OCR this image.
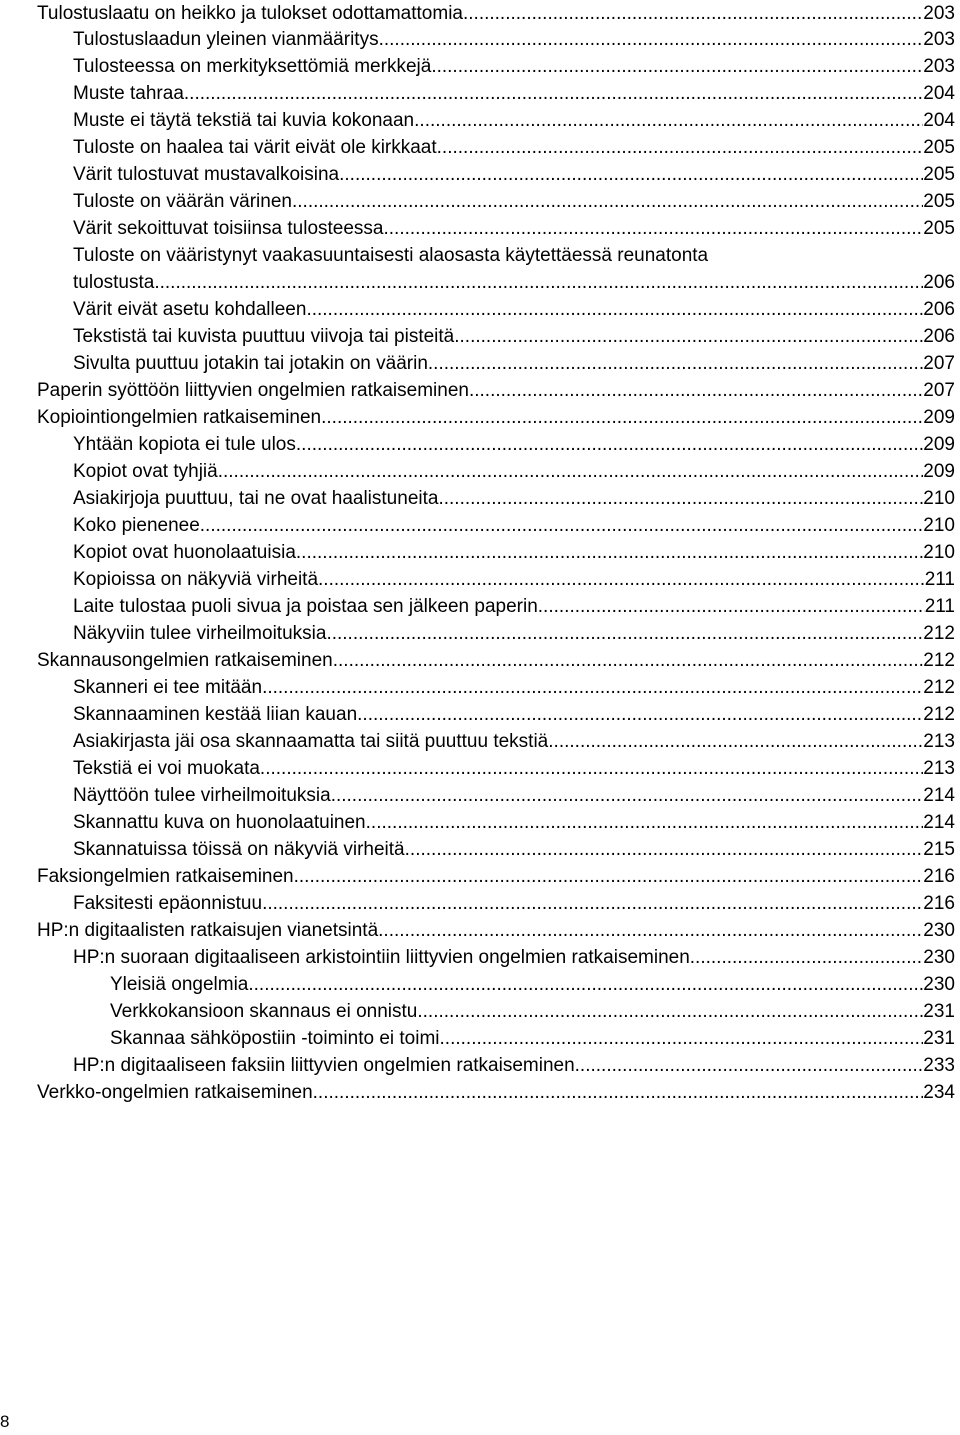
Tulostuslaatu on heikko ja tulokset odottamattomia .....	203
Tulostuslaadun yleinen vianmääritys .....	203
Tulosteessa on merkityksettömiä merkkejä .....	203
Muste tahraa .....	204
Muste ei täytä tekstiä tai kuvia kokonaan .....	204
Tuloste on haalea tai värit eivät ole kirkkaat .....	205
Värit tulostuvat mustavalkoisina .....	205
Tuloste on väärän värinen .....	205
Värit sekoittuvat toisiinsa tulosteessa .....	205
Tuloste on vääristynyt vaakasuuntaisesti alaosasta käytettäessä reunatonta
tulostusta .....	206
Värit eivät asetu kohdalleen .....	206
Tekstistä tai kuvista puuttuu viivoja tai pisteitä .....	206
Sivulta puuttuu jotakin tai jotakin on väärin .....	207
Paperin syöttöön liittyvien ongelmien ratkaiseminen .....	207
Kopiointiongelmien ratkaiseminen .....	209
Yhtään kopiota ei tule ulos .....	209
Kopiot ovat tyhjiä .....	209
Asiakirjoja puuttuu, tai ne ovat haalistuneita .....	210
Koko pienenee .....	210
Kopiot ovat huonolaatuisia .....	210
Kopioissa on näkyviä virheitä .....	211
Laite tulostaa puoli sivua ja poistaa sen jälkeen paperin .....	211
Näkyviin tulee virheilmoituksia .....	212
Skannausongelmien ratkaiseminen .....	212
Skanneri ei tee mitään .....	212
Skannaaminen kestää liian kauan .....	212
Asiakirjasta jäi osa skannaamatta tai siitä puuttuu tekstiä .....	213
Tekstiä ei voi muokata .....	213
Näyttöön tulee virheilmoituksia .....	214
Skannattu kuva on huonolaatuinen .....	214
Skannatuissa töissä on näkyviä virheitä .....	215
Faksiongelmien ratkaiseminen .....	216
Faksitesti epäonnistuu .....	216
HP:n digitaalisten ratkaisujen vianetsintä .....	230
HP:n suoraan digitaaliseen arkistointiin liittyvien ongelmien ratkaiseminen .....	230
Yleisiä ongelmia .....	230
Verkkokansioon skannaus ei onnistu .....	231
Skannaa sähköpostiin -toiminto ei toimi .....	231
HP:n digitaaliseen faksiin liittyvien ongelmien ratkaiseminen .....	233
Verkko-ongelmien ratkaiseminen .....	234
8
